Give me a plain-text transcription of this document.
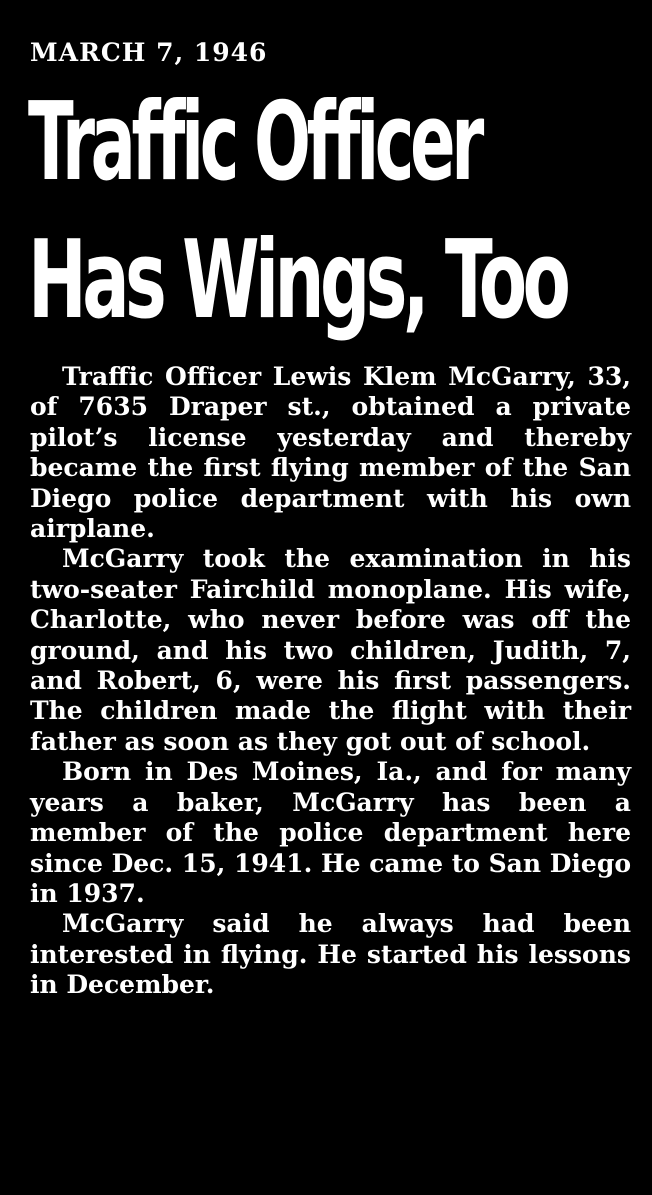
MARCH 7, 1946
Traffic Officer
Has Wings, Too

Traffic Officer Lewis Klem McGarry, 33, of 7635 Draper st., obtained a private pilot’s license yesterday and thereby became the first flying member of the San Diego police department with his own airplane.

McGarry took the examination in his two-seater Fairchild monoplane. His wife, Charlotte, who never before was off the ground, and his two children, Judith, 7, and Robert, 6, were his first passengers. The children made the flight with their father as soon as they got out of school.

Born in Des Moines, Ia., and for many years a baker, McGarry has been a member of the police department here since Dec. 15, 1941. He came to San Diego in 1937.

McGarry said he always had been interested in flying. He started his lessons in December.
